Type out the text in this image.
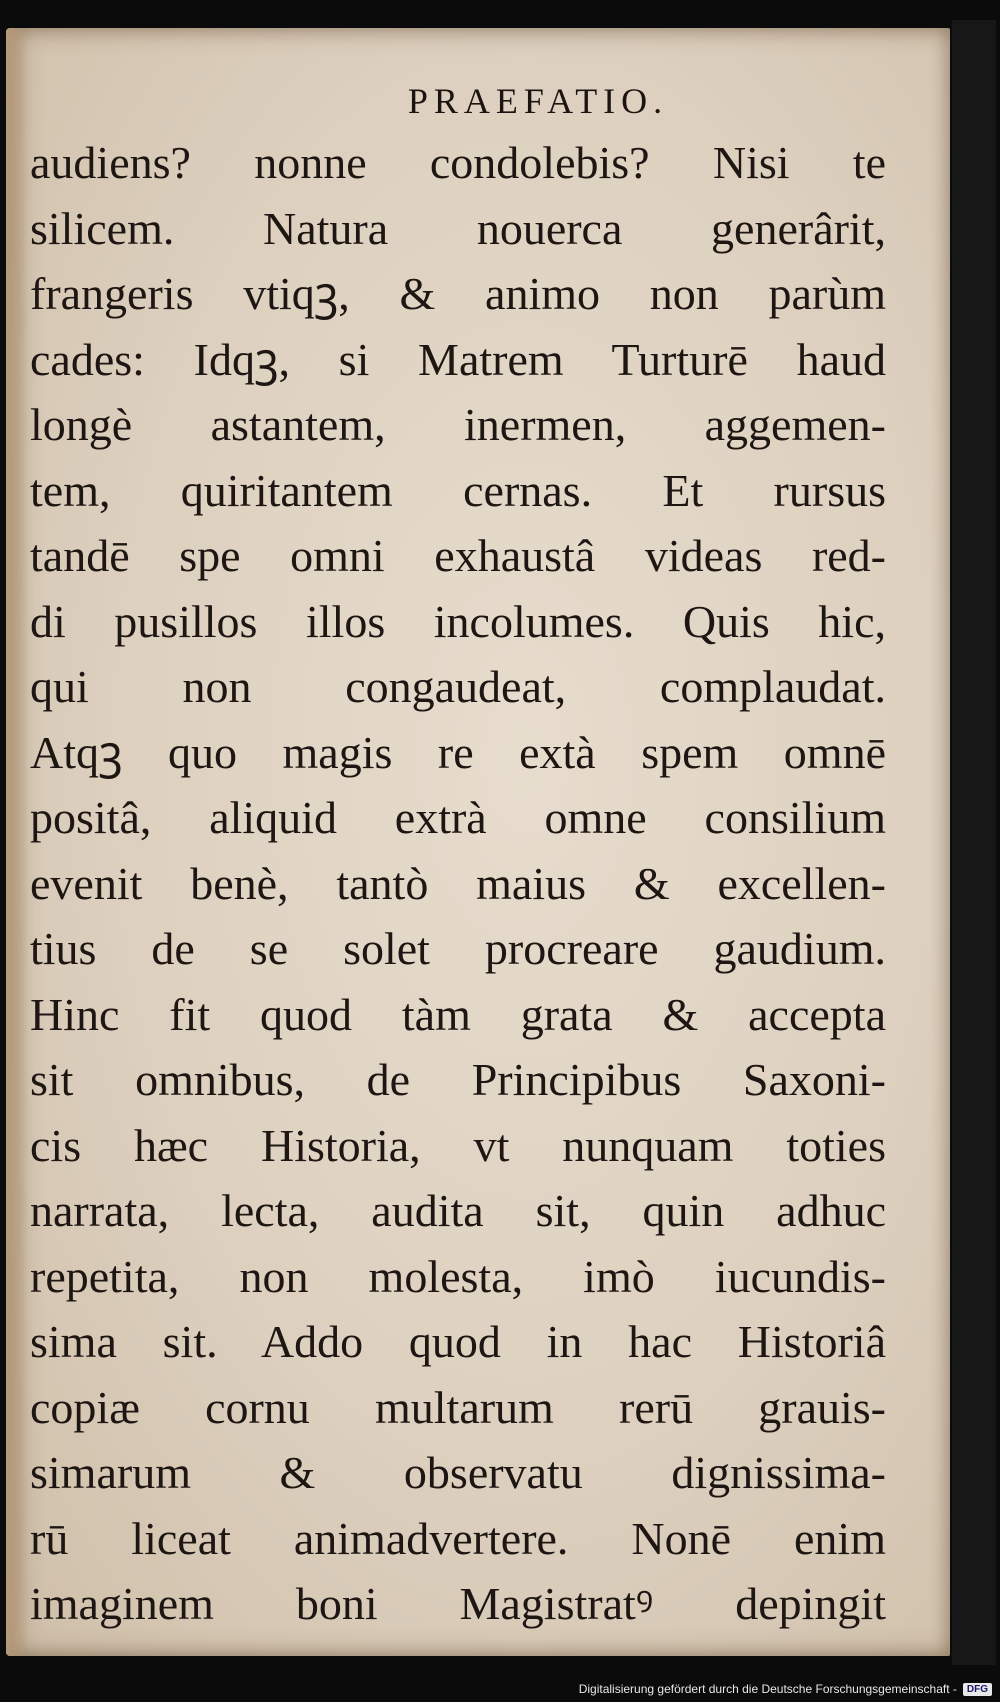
PRAEFATIO.
audiens? nonne condolebis? Nisi te
silicem. Natura nouerca generârit,
frangeris vtiqꝫ, & animo non parùm
cades: Idqꝫ, si Matrem Turturē haud
longè astantem, inermen, aggemen-
tem, quiritantem cernas. Et rursus
tandē spe omni exhaustâ videas red-
di pusillos illos incolumes. Quis hic,
qui non congaudeat, complaudat.
Atqꝫ quo magis re extà spem omnē
positâ, aliquid extrà omne consilium
evenit benè, tantò maius & excellen-
tius de se solet procreare gaudium.
Hinc fit quod tàm grata & accepta
sit omnibus, de Principibus Saxoni-
cis hæc Historia, vt nunquam toties
narrata, lecta, audita sit, quin adhuc
repetita, non molesta, imò iucundis-
sima sit. Addo quod in hac Historiâ
copiæ cornu multarum rerū grauis-
simarum & observatu dignissima-
rū liceat animadvertere. Nonē enim
imaginem boni Magistratꝰ depingit
Digitalisierung gefördert durch die Deutsche Forschungsgemeinschaft -	DFG
